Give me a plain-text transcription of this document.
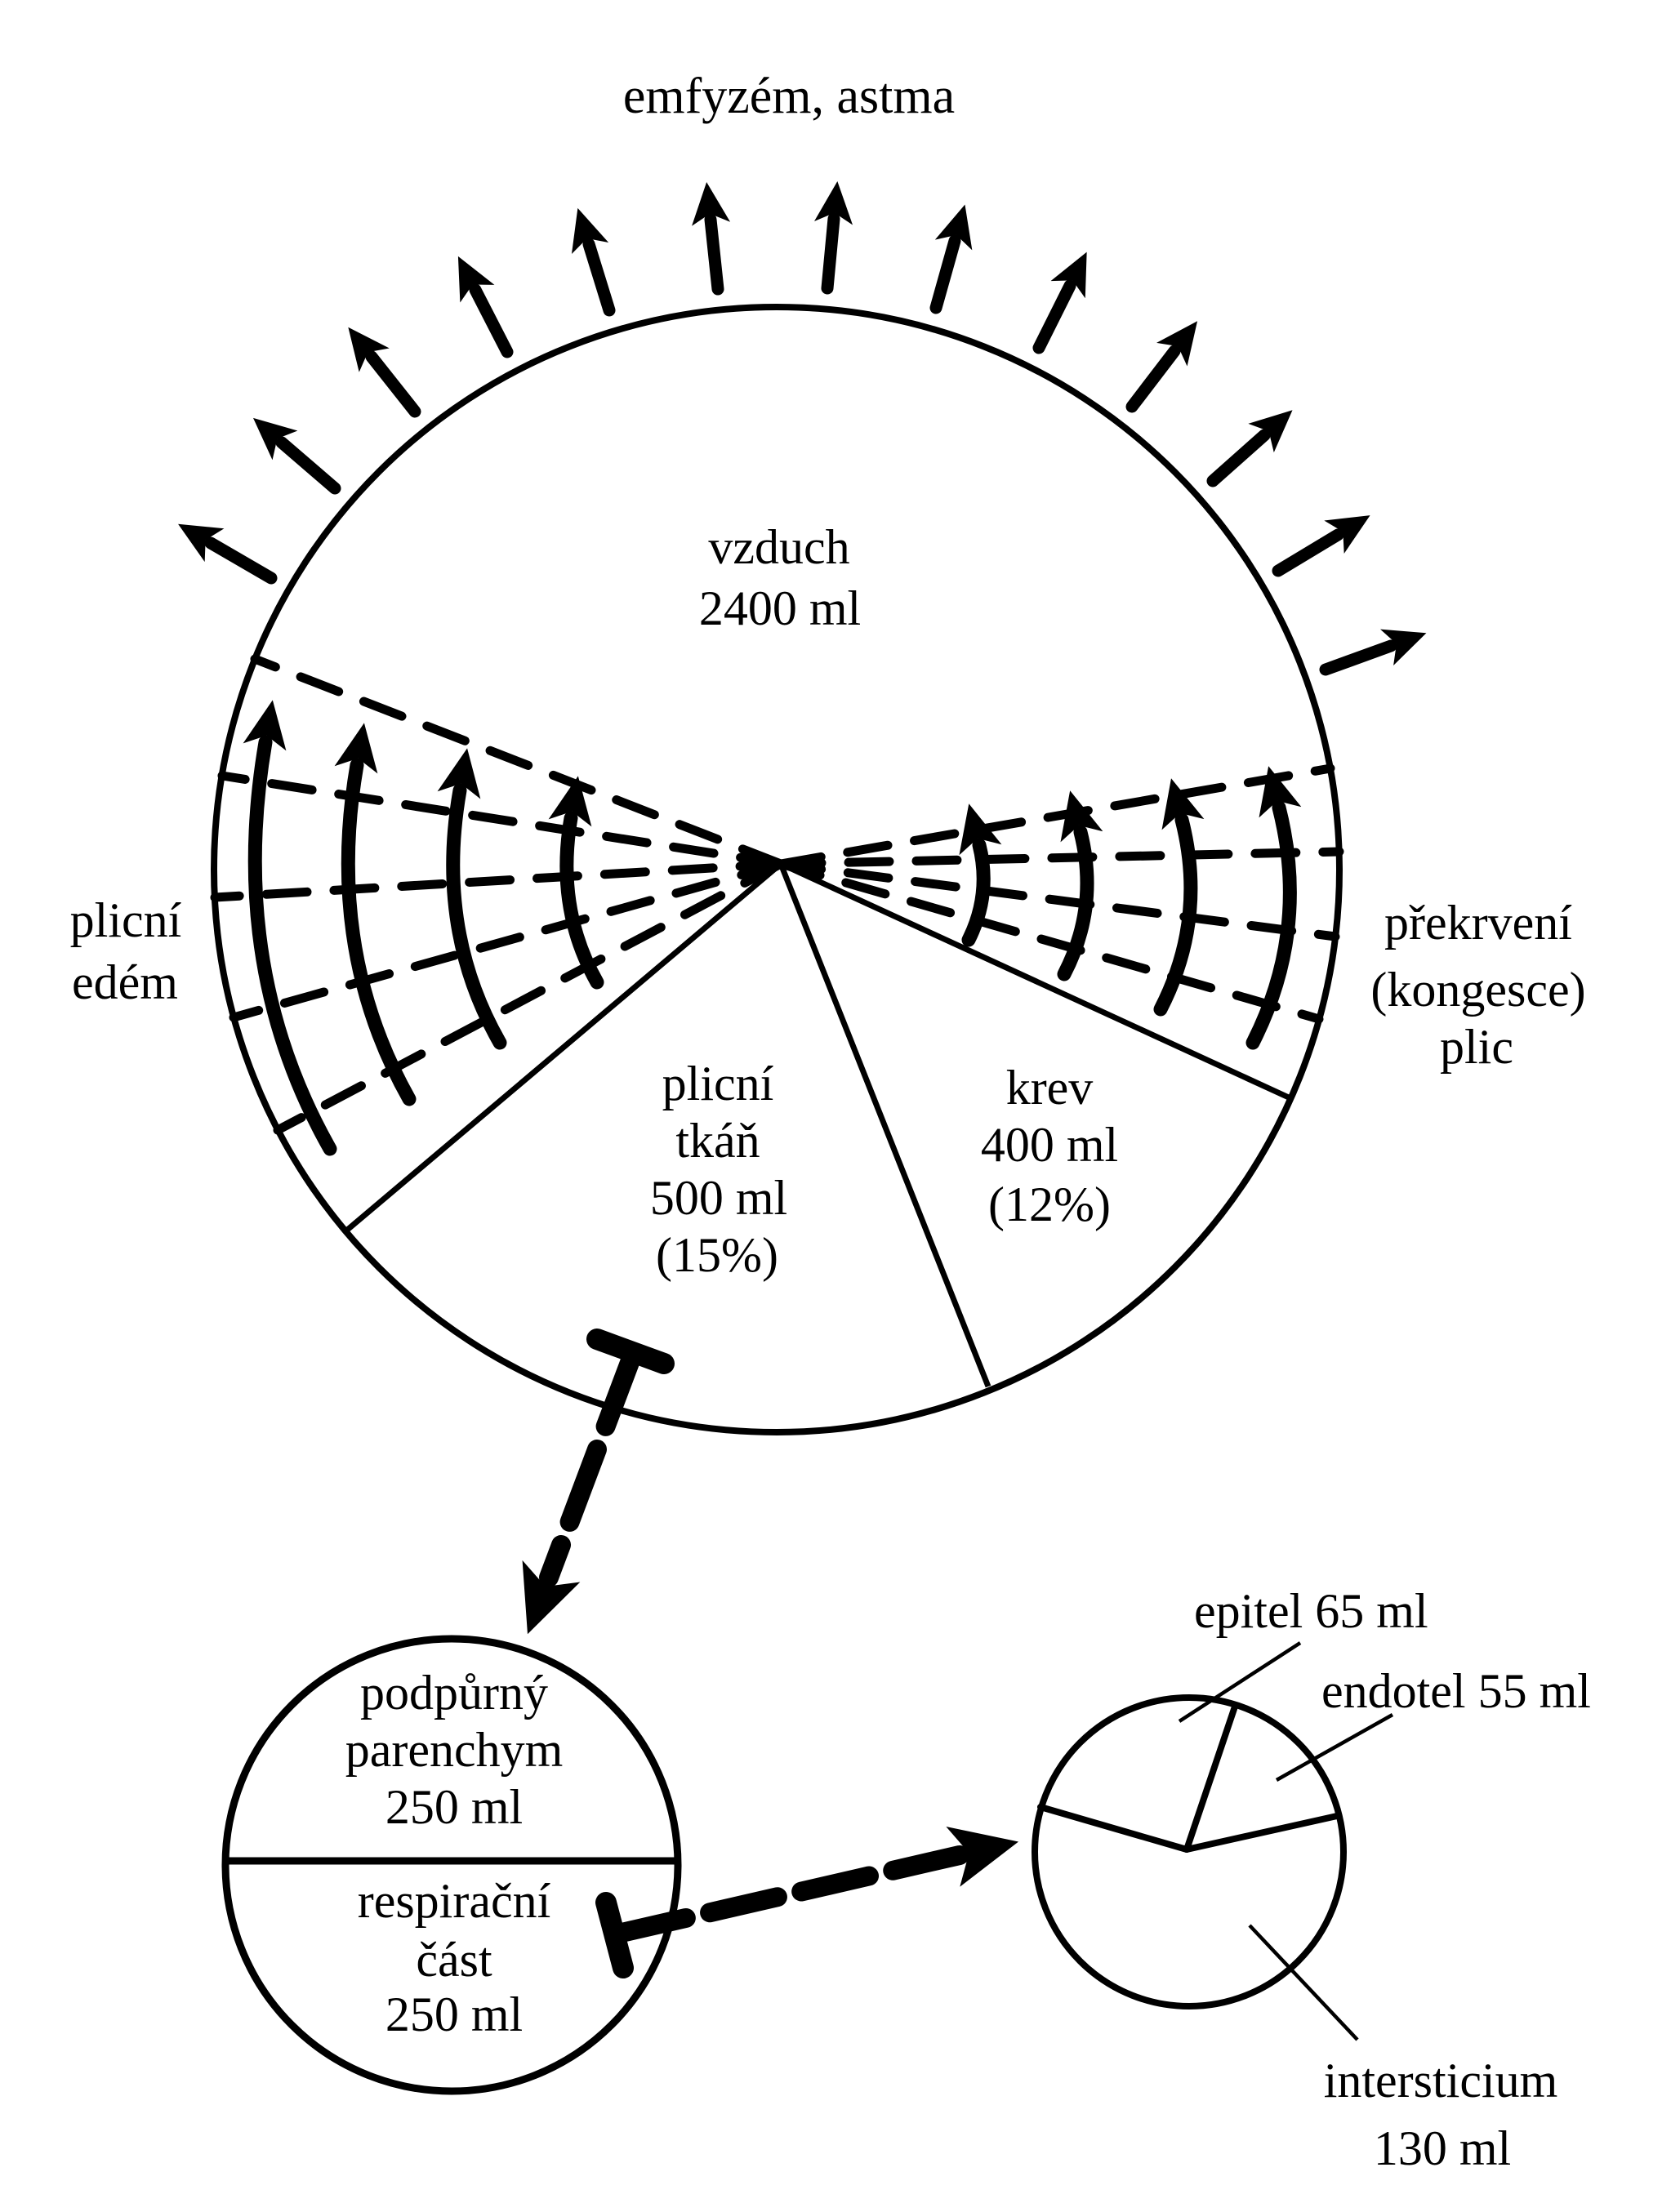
emfyzém, astma
vzduch
2400 ml
plicní
tkáň
500 ml
(15%)
krev
400 ml
(12%)
plicní
edém
překrvení
(kongesce)
plic
podpůrný
parenchym
250 ml
respirační
část
250 ml
epitel 65 ml
endotel 55 ml
intersticium
130 ml
